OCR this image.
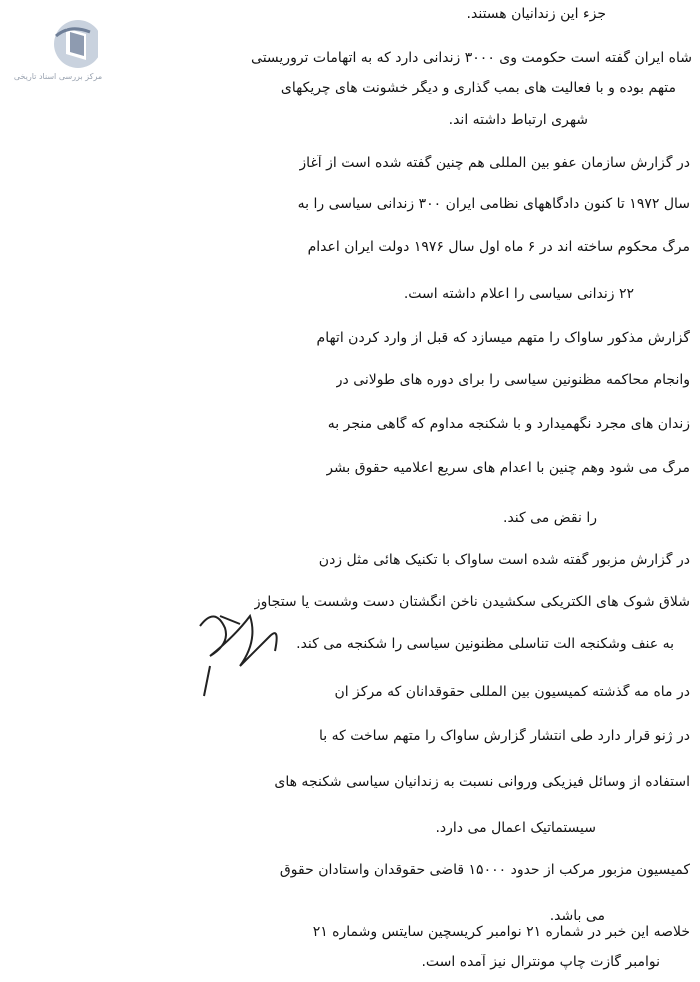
مرکز بررسی اسناد تاریخی
جزء این زندانیان هستند.
شاه ایران گفته است حکومت وی ۳۰۰۰ زندانی دارد که به اتهامات تروریستی
متهم بوده و با فعالیت های بمب گذاری و دیگر خشونت های چریکهای
شهری ارتباط داشته اند.
در گزارش سازمان عفو بین المللی هم چنین گفته شده است از آغاز
سال ۱۹۷۲ تا کنون دادگاههای نظامی ایران ۳۰۰ زندانی سیاسی را به
مرگ محکوم ساخته اند در ۶ ماه اول سال ۱۹۷۶ دولت ایران اعدام
۲۲ زندانی سیاسی را اعلام داشته است.
گزارش مذکور ساواک را متهم میسازد که قبل از وارد کردن اتهام
وانجام محاکمه مظنونین سیاسی را برای دوره های طولانی در
زندان های مجرد نگهمیدارد و با شکنجه مداوم که گاهی منجر به
مرگ می شود وهم چنین با اعدام های سریع اعلامیه حقوق بشر
را نقض می کند.
در گزارش مزبور گفته شده است ساواک با تکنیک هائی مثل زدن
شلاق شوک های الکتریکی سکشیدن ناخن انگشتان دست وشست یا ستجاوز
به عنف وشکنجه الت تناسلی مظنونین سیاسی را شکنجه می کند.
در ماه مه گذشته کمیسیون بین المللی حقوقدانان که مرکز ان
در ژنو قرار دارد طی انتشار گزارش ساواک را متهم ساخت که با
استفاده از وسائل فیزیکی وروانی نسبت به زندانیان سیاسی شکنجه های
سیستماتیک اعمال می دارد.
کمیسیون مزبور مرکب از حدود ۱۵۰۰۰ قاضی حقوقدان واستادان حقوق
می باشد.
خلاصه این خبر در شماره ۲۱ نوامبر کریسچین سایتس وشماره ۲۱
نوامبر گازت چاپ مونترال نیز آمده است.
